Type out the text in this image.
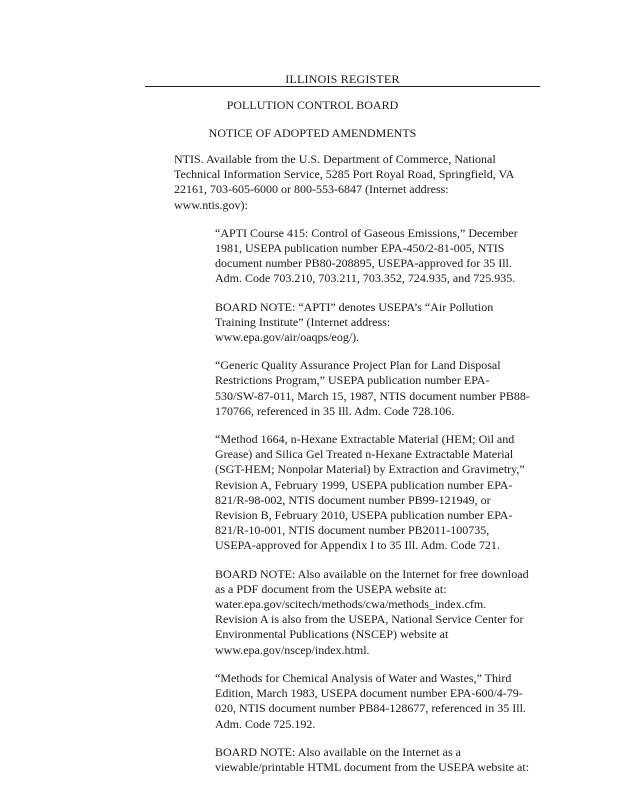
ILLINOIS REGISTER
POLLUTION CONTROL BOARD
NOTICE OF ADOPTED AMENDMENTS

NTIS. Available from the U.S. Department of Commerce, National Technical Information Service, 5285 Port Royal Road, Springfield, VA 22161, 703-605-6000 or 800-553-6847 (Internet address: www.ntis.gov):

“APTI Course 415: Control of Gaseous Emissions,” December 1981, USEPA publication number EPA-450/2-81-005, NTIS document number PB80-208895, USEPA-approved for 35 Ill. Adm. Code 703.210, 703.211, 703.352, 724.935, and 725.935.

BOARD NOTE: “APTI” denotes USEPA’s “Air Pollution Training Institute” (Internet address: www.epa.gov/air/oaqps/eog/).

“Generic Quality Assurance Project Plan for Land Disposal Restrictions Program,” USEPA publication number EPA-530/SW-87-011, March 15, 1987, NTIS document number PB88-170766, referenced in 35 Ill. Adm. Code 728.106.

“Method 1664, n-Hexane Extractable Material (HEM; Oil and Grease) and Silica Gel Treated n-Hexane Extractable Material (SGT-HEM; Nonpolar Material) by Extraction and Gravimetry,” Revision A, February 1999, USEPA publication number EPA-821/R-98-002, NTIS document number PB99-121949, or Revision B, February 2010, USEPA publication number EPA-821/R-10-001, NTIS document number PB2011-100735, USEPA-approved for Appendix I to 35 Ill. Adm. Code 721.

BOARD NOTE: Also available on the Internet for free download as a PDF document from the USEPA website at: water.epa.gov/scitech/methods/cwa/methods_index.cfm. Revision A is also from the USEPA, National Service Center for Environmental Publications (NSCEP) website at www.epa.gov/nscep/index.html.

“Methods for Chemical Analysis of Water and Wastes,” Third Edition, March 1983, USEPA document number EPA-600/4-79-020, NTIS document number PB84-128677, referenced in 35 Ill. Adm. Code 725.192.

BOARD NOTE: Also available on the Internet as a viewable/printable HTML document from the USEPA website at:
